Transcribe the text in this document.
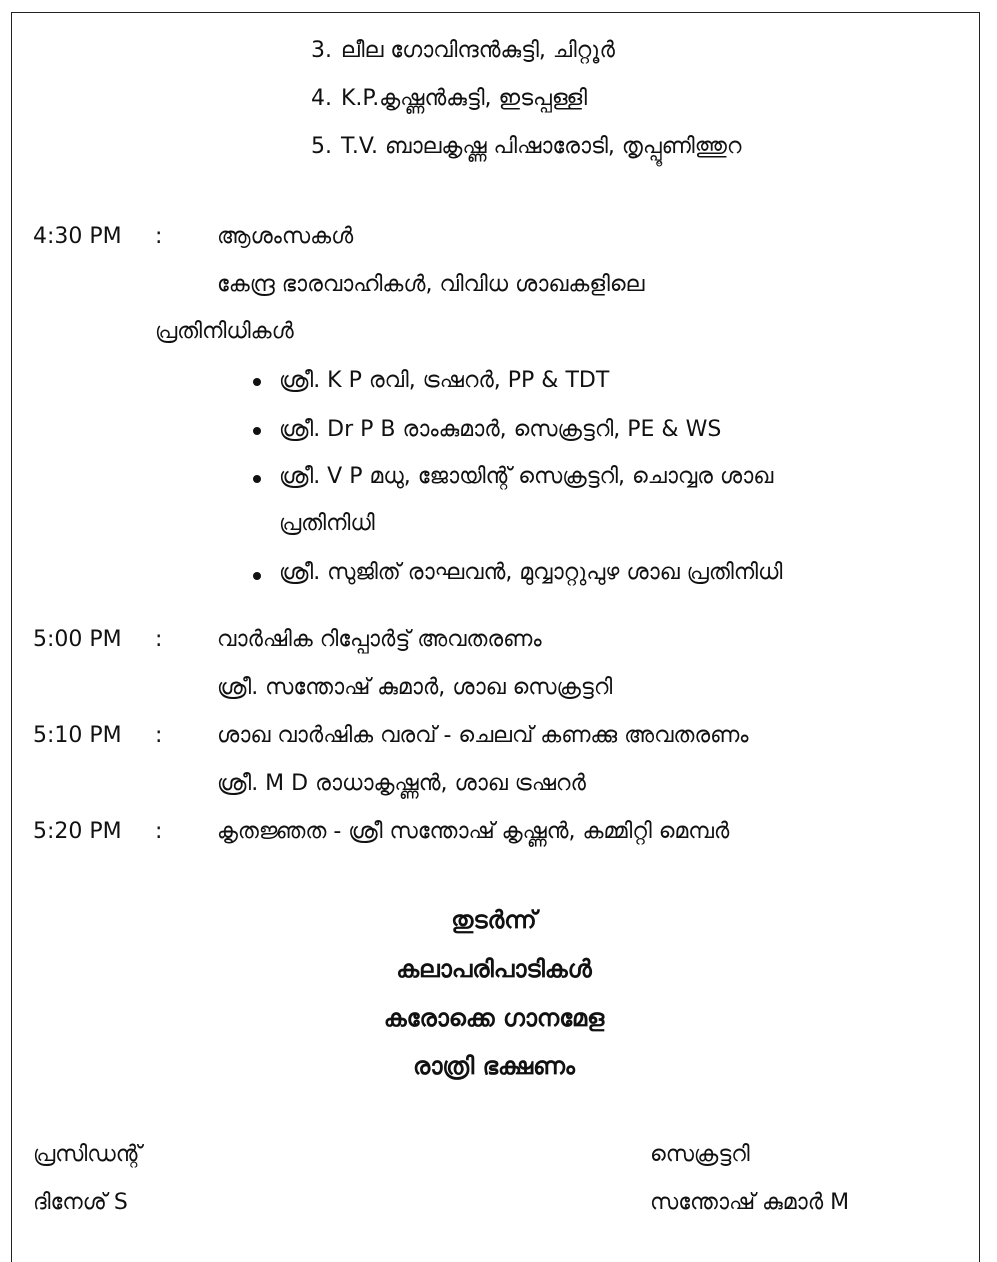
3. ലീല ഗോവിന്ദൻകുട്ടി, ചിറ്റൂർ
4. K.P.കൃഷ്ണൻകുട്ടി, ഇടപ്പള്ളി
5. T.V. ബാലകൃഷ്ണ പിഷാരോടി, തൃപ്പൂണിത്തുറ
4:30 PM : ആശംസകൾ
കേന്ദ്ര ഭാരവാഹികൾ, വിവിധ ശാഖകളിലെ
പ്രതിനിധികൾ
ശ്രീ. K P രവി, ട്രഷറർ, PP & TDT
ശ്രീ. Dr P B രാംകുമാർ, സെക്രട്ടറി, PE & WS
ശ്രീ. V P മധു, ജോയിന്റ് സെക്രട്ടറി, ചൊവ്വര ശാഖ
പ്രതിനിധി
ശ്രീ. സുജിത് രാഘവൻ, മുവ്വാറ്റുപുഴ ശാഖ പ്രതിനിധി
5:00 PM : വാർഷിക റിപ്പോർട്ട് അവതരണം
ശ്രീ. സന്തോഷ് കുമാർ, ശാഖ സെക്രട്ടറി
5:10 PM : ശാഖ വാർഷിക വരവ് - ചെലവ് കണക്കു അവതരണം
ശ്രീ. M D രാധാകൃഷ്ണൻ, ശാഖ ട്രഷറർ
5:20 PM : കൃതജ്ഞത - ശ്രീ സന്തോഷ് കൃഷ്ണൻ, കമ്മിറ്റി മെമ്പർ
തുടർന്ന്
കലാപരിപാടികൾ
കരോക്കെ ഗാനമേള
രാത്രി ഭക്ഷണം
പ്രസിഡന്റ്
ദിനേശ് S
സെക്രട്ടറി
സന്തോഷ് കുമാർ M
